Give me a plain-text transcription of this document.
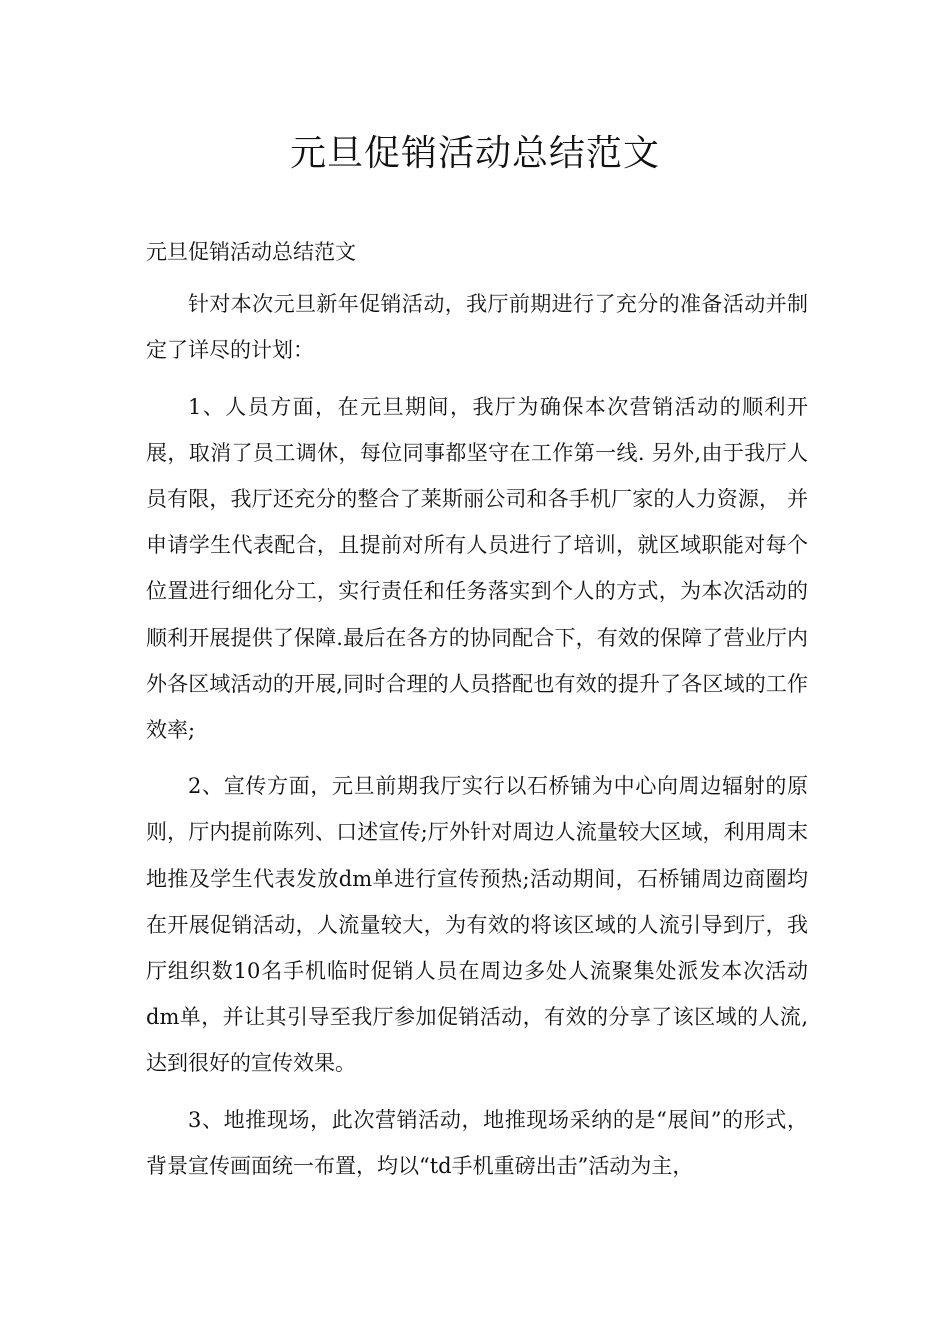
元旦促销活动总结范文

元旦促销活动总结范文

针对本次元旦新年促销活动，我厅前期进行了充分的准备活动并制定了详尽的计划：

1、人员方面，在元旦期间，我厅为确保本次营销活动的顺利开展，取消了员工调休，每位同事都坚守在工作第一线. 另外,由于我厅人员有限，我厅还充分的整合了莱斯丽公司和各手机厂家的人力资源， 并申请学生代表配合，且提前对所有人员进行了培训，就区域职能对每个位置进行细化分工，实行责任和任务落实到个人的方式，为本次活动的顺利开展提供了保障.最后在各方的协同配合下，有效的保障了营业厅内外各区域活动的开展,同时合理的人员搭配也有效的提升了各区域的工作效率;

2、宣传方面，元旦前期我厅实行以石桥铺为中心向周边辐射的原则，厅内提前陈列、口述宣传;厅外针对周边人流量较大区域，利用周末地推及学生代表发放dm单进行宣传预热;活动期间，石桥铺周边商圈均在开展促销活动，人流量较大，为有效的将该区域的人流引导到厅，我厅组织数10名手机临时促销人员在周边多处人流聚集处派发本次活动dm单，并让其引导至我厅参加促销活动，有效的分享了该区域的人流,达到很好的宣传效果。

3、地推现场，此次营销活动，地推现场采纳的是“展间”的形式，背景宣传画面统一布置，均以“td手机重磅出击”活动为主，
